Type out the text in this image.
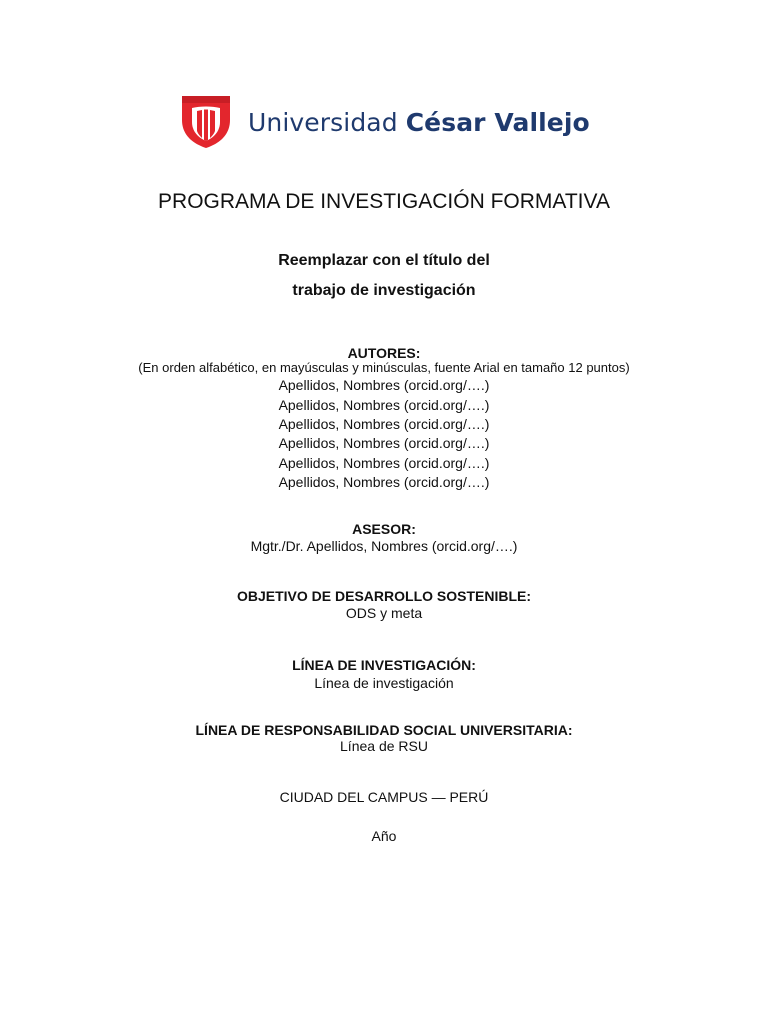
Universidad César Vallejo
PROGRAMA DE INVESTIGACIÓN FORMATIVA
Reemplazar con el título del
trabajo de investigación
AUTORES:
(En orden alfabético, en mayúsculas y minúsculas, fuente Arial en tamaño 12 puntos)
Apellidos, Nombres (orcid.org/….)
Apellidos, Nombres (orcid.org/….)
Apellidos, Nombres (orcid.org/….)
Apellidos, Nombres (orcid.org/….)
Apellidos, Nombres (orcid.org/….)
Apellidos, Nombres (orcid.org/….)
ASESOR:
Mgtr./Dr. Apellidos, Nombres (orcid.org/….)
OBJETIVO DE DESARROLLO SOSTENIBLE:
ODS y meta
LÍNEA DE INVESTIGACIÓN:
Línea de investigación
LÍNEA DE RESPONSABILIDAD SOCIAL UNIVERSITARIA:
Línea de RSU
CIUDAD DEL CAMPUS — PERÚ
Año
